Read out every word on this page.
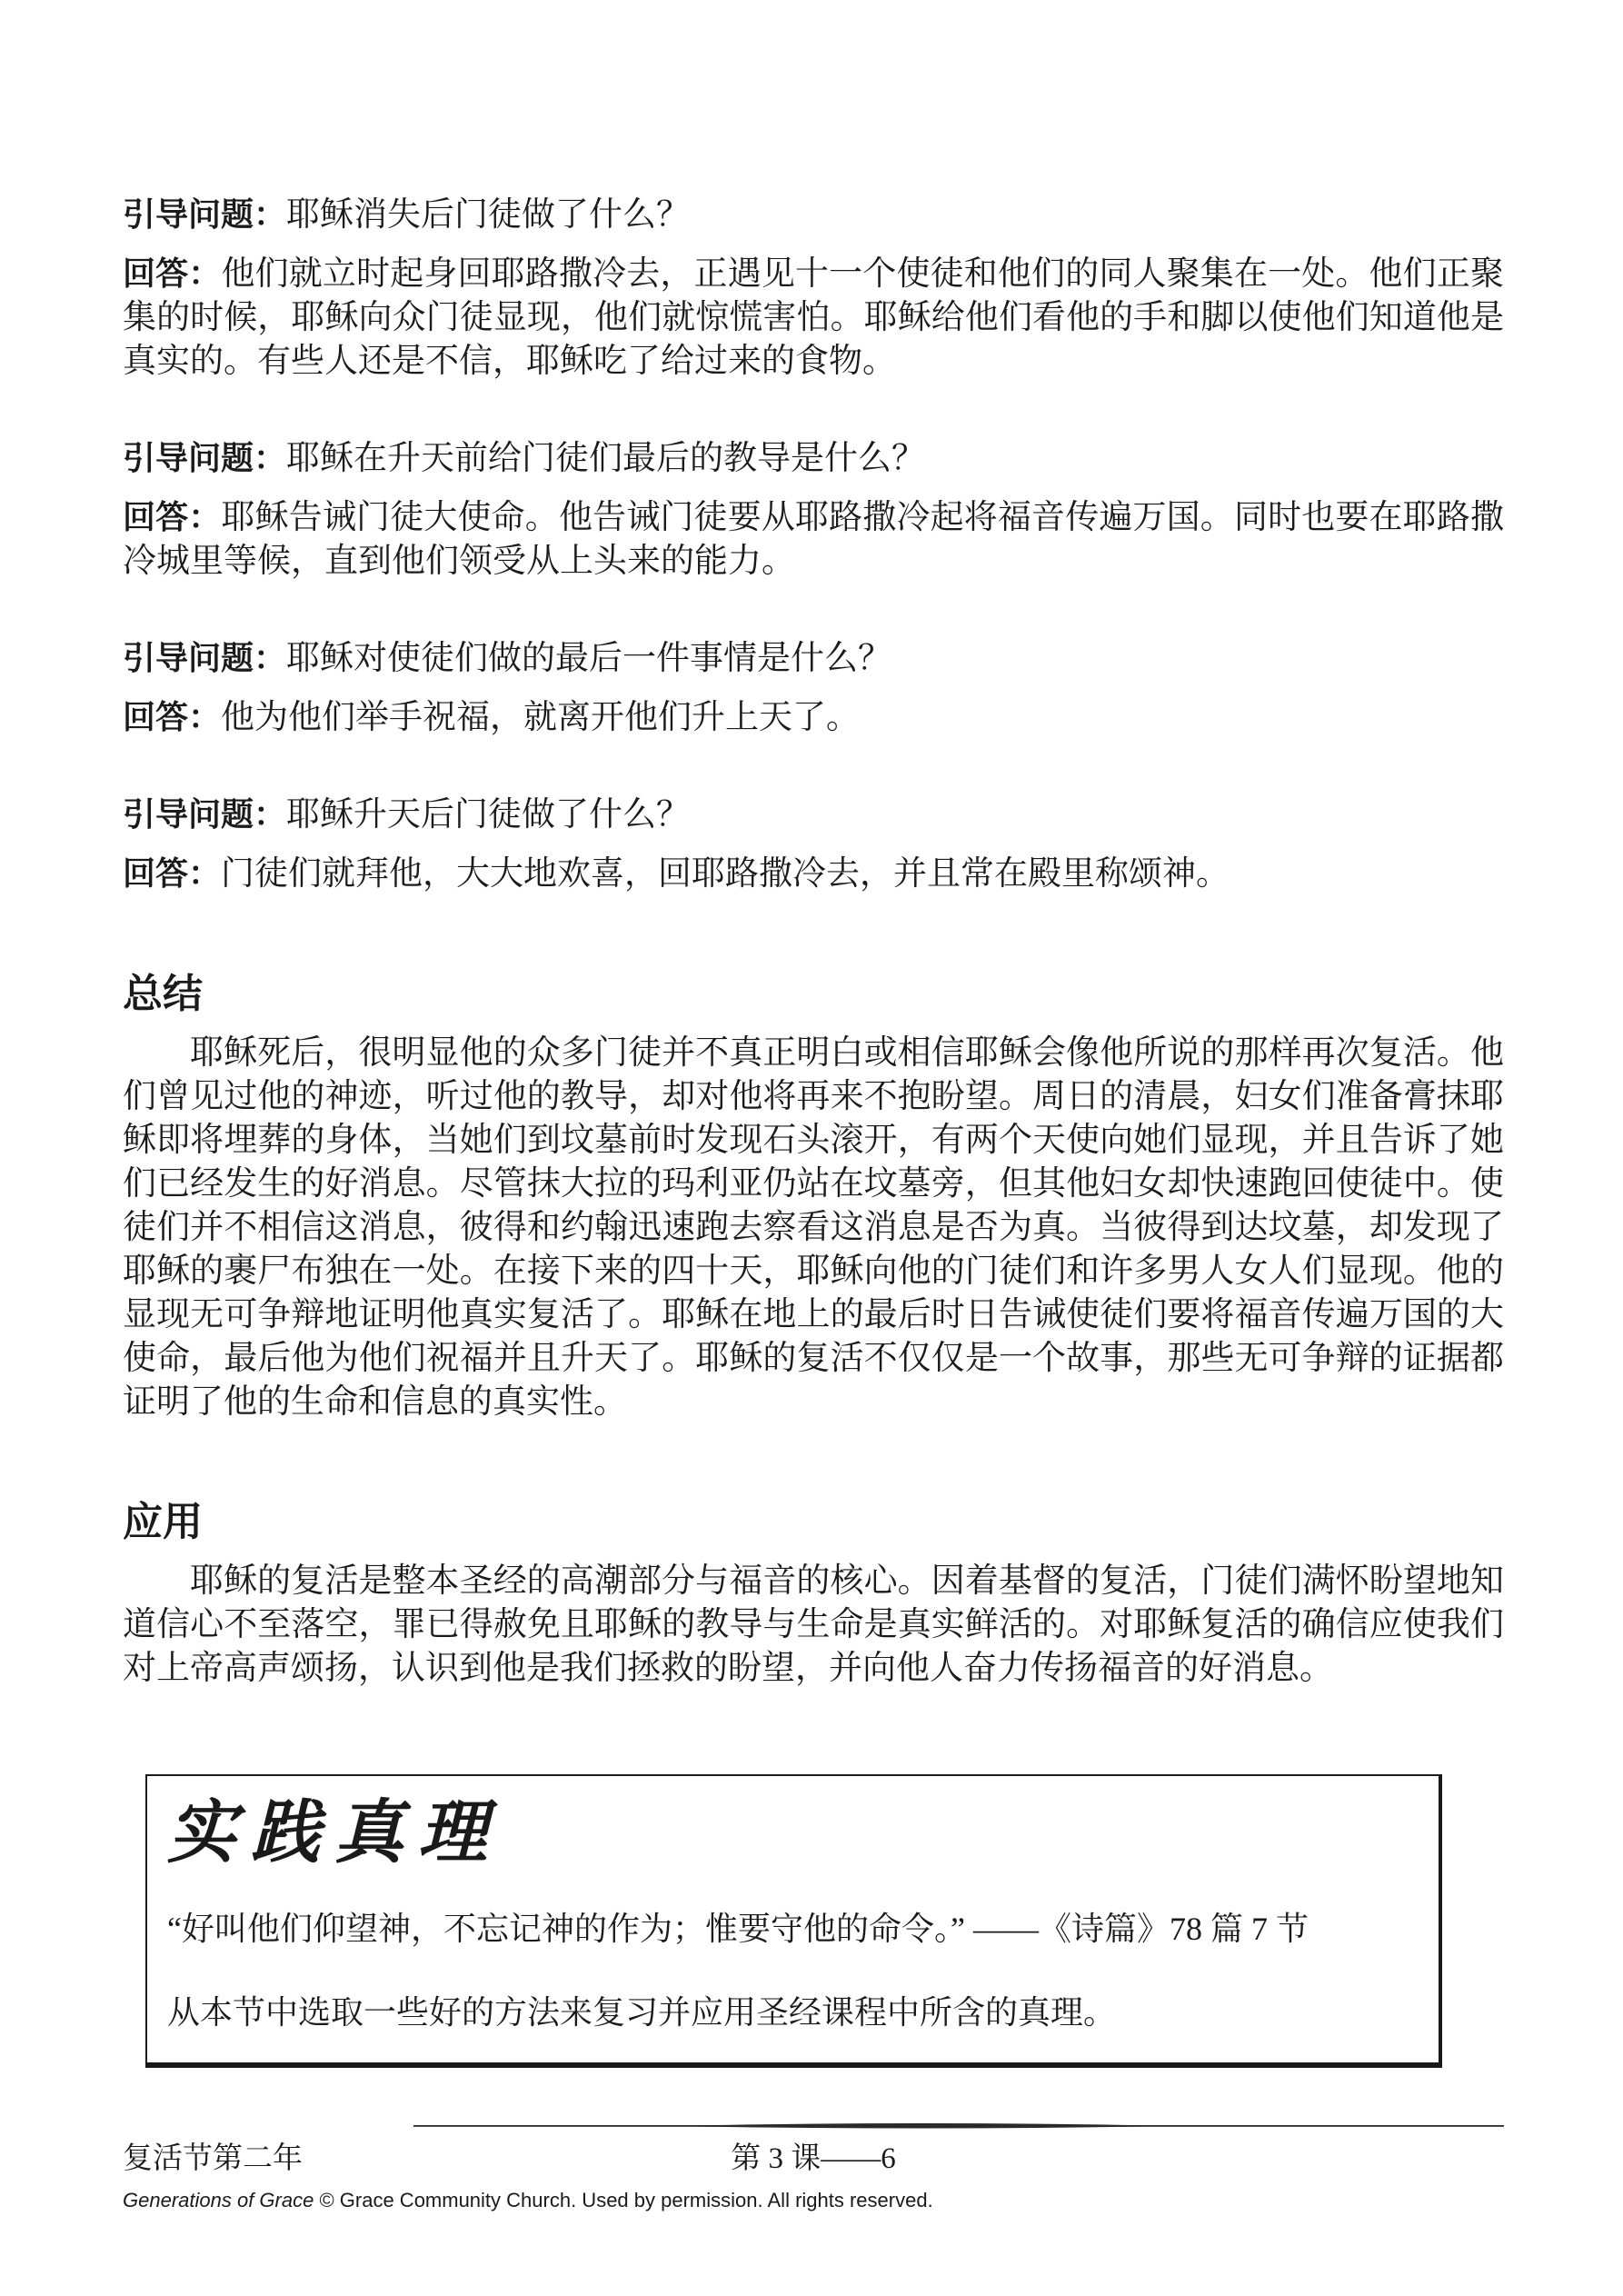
引导问题：耶稣消失后门徒做了什么？

回答：他们就立时起身回耶路撒冷去，正遇见十一个使徒和他们的同人聚集在一处。他们正聚集的时候，耶稣向众门徒显现，他们就惊慌害怕。耶稣给他们看他的手和脚以使他们知道他是真实的。有些人还是不信，耶稣吃了给过来的食物。

引导问题：耶稣在升天前给门徒们最后的教导是什么？

回答：耶稣告诫门徒大使命。他告诫门徒要从耶路撒冷起将福音传遍万国。同时也要在耶路撒冷城里等候，直到他们领受从上头来的能力。

引导问题：耶稣对使徒们做的最后一件事情是什么？

回答：他为他们举手祝福，就离开他们升上天了。

引导问题：耶稣升天后门徒做了什么？

回答：门徒们就拜他，大大地欢喜，回耶路撒冷去，并且常在殿里称颂神。

总结

耶稣死后，很明显他的众多门徒并不真正明白或相信耶稣会像他所说的那样再次复活。他们曾见过他的神迹，听过他的教导，却对他将再来不抱盼望。周日的清晨，妇女们准备膏抹耶稣即将埋葬的身体，当她们到坟墓前时发现石头滚开，有两个天使向她们显现，并且告诉了她们已经发生的好消息。尽管抹大拉的玛利亚仍站在坟墓旁，但其他妇女却快速跑回使徒中。使徒们并不相信这消息，彼得和约翰迅速跑去察看这消息是否为真。当彼得到达坟墓，却发现了耶稣的裹尸布独在一处。在接下来的四十天，耶稣向他的门徒们和许多男人女人们显现。他的显现无可争辩地证明他真实复活了。耶稣在地上的最后时日告诫使徒们要将福音传遍万国的大使命，最后他为他们祝福并且升天了。耶稣的复活不仅仅是一个故事，那些无可争辩的证据都证明了他的生命和信息的真实性。

应用

耶稣的复活是整本圣经的高潮部分与福音的核心。因着基督的复活，门徒们满怀盼望地知道信心不至落空，罪已得赦免且耶稣的教导与生命是真实鲜活的。对耶稣复活的确信应使我们对上帝高声颂扬，认识到他是我们拯救的盼望，并向他人奋力传扬福音的好消息。

实践真理

“好叫他们仰望神，不忘记神的作为；惟要守他的命令。” ——《诗篇》78 篇 7 节

从本节中选取一些好的方法来复习并应用圣经课程中所含的真理。

复活节第二年	第 3 课——6

Generations of Grace © Grace Community Church. Used by permission. All rights reserved.
